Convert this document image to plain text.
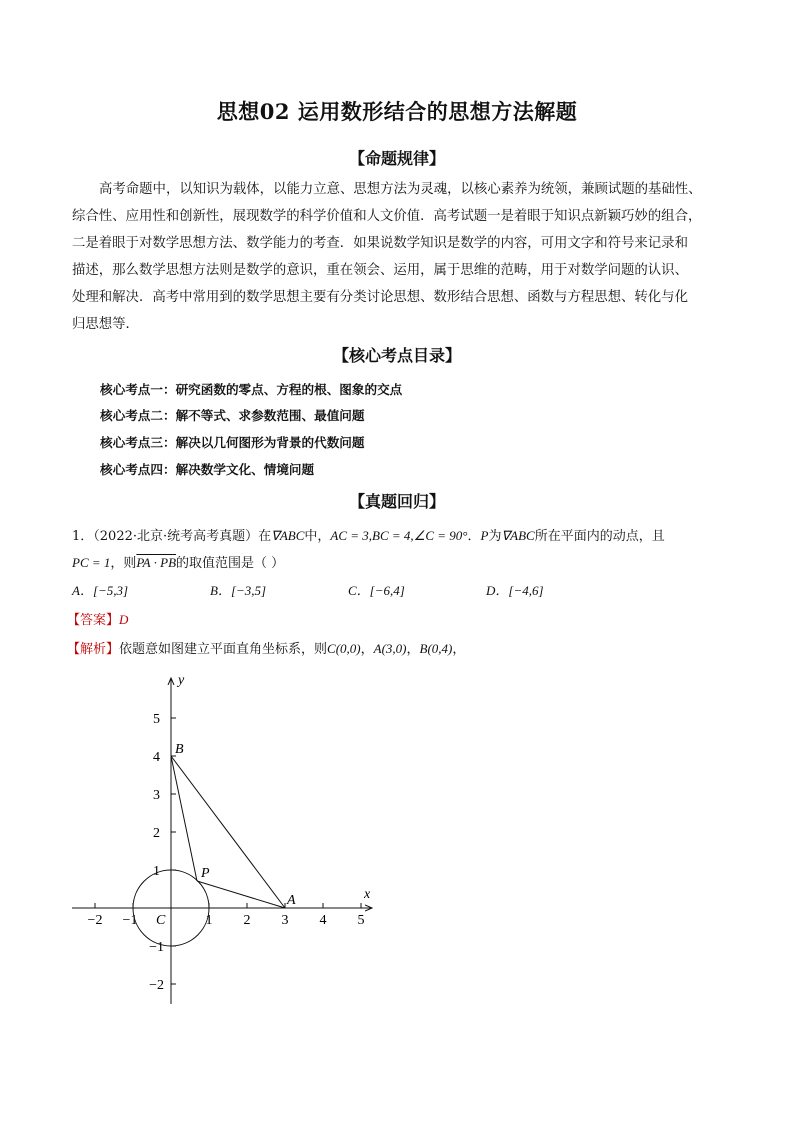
思想02 运用数形结合的思想方法解题
【命题规律】

高考命题中，以知识为载体，以能力立意、思想方法为灵魂，以核心素养为统领，兼顾试题的基础性、

综合性、应用性和创新性，展现数学的科学价值和人文价值．高考试题一是着眼于知识点新颖巧妙的组合，

二是着眼于对数学思想方法、数学能力的考查．如果说数学知识是数学的内容，可用文字和符号来记录和

描述，那么数学思想方法则是数学的意识，重在领会、运用，属于思维的范畴，用于对数学问题的认识、

处理和解决．高考中常用到的数学思想主要有分类讨论思想、数形结合思想、函数与方程思想、转化与化

归思想等．

【核心考点目录】
核心考点一：研究函数的零点、方程的根、图象的交点
核心考点二：解不等式、求参数范围、最值问题
核心考点三：解决以几何图形为背景的代数问题
核心考点四：解决数学文化、情境问题
【真题回归】
1．（2022·北京·统考高考真题）在∇ABC中，AC = 3,BC = 4,∠C = 90°．P为∇ABC所在平面内的动点，且
PC = 1，则PA · PB的取值范围是（ ）
A．[−5,3]	B．[−3,5]	C．[−6,4]	D．[−4,6]
【答案】D
【解析】依题意如图建立平面直角坐标系，则C(0,0)，A(3,0)，B(0,4)，
−2 −1	1 2 3 4 5
5
4
3
2
1
−1
−2
x
y
B
A
C
P
